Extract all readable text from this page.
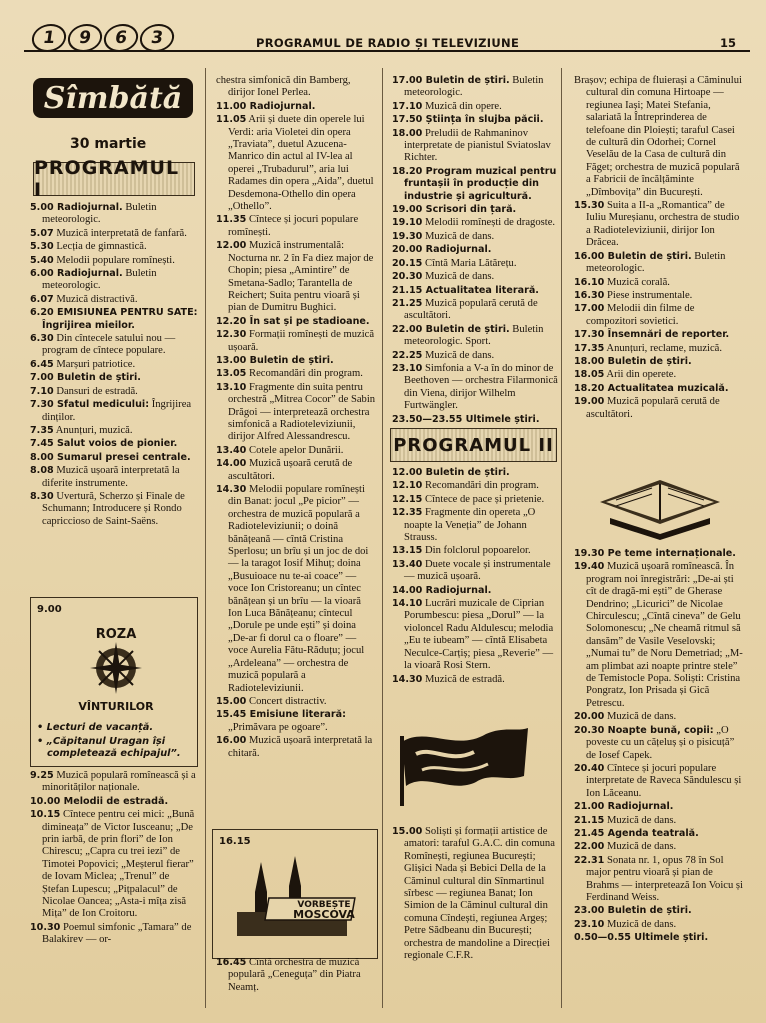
1	9	6	3	PROGRAMUL DE RADIO ȘI TELEVIZIUNE	15
Sîmbătă
30 martie
PROGRAMUL I

5.00 Radiojurnal. Buletin meteorologic.

5.07 Muzică interpretată de fanfară.

5.30 Lecția de gimnastică.

5.40 Melodii populare romînești.

6.00 Radiojurnal. Buletin meteorologic.

6.07 Muzică distractivă.

6.20 EMISIUNEA PENTRU SATE: Îngrijirea mieilor.

6.30 Din cîntecele satului nou — program de cîntece populare.

6.45 Marșuri patriotice.

7.00 Buletin de știri.

7.10 Dansuri de estradă.

7.30 Sfatul medicului: Îngrijirea dinților.

7.35 Anunțuri, muzică.

7.45 Salut voios de pionier.

8.00 Sumarul presei centrale.

8.08 Muzică ușoară interpretată la diferite instrumente.

8.30 Uvertură, Scherzo și Finale de Schumann; Introducere și Rondo capriccioso de Saint-Saëns.

9.00
ROZA
VÎNTURILOR
• Lecturi de vacanță.
• „Căpitanul Uragan își
completează echipajul”.

9.25 Muzică populară romînească și a minorităților naționale.

10.00 Melodii de estradă.

10.15 Cîntece pentru cei mici: „Bună dimineața” de Victor Iusceanu; „De prin iarbă, de prin flori” de Ion Chirescu; „Capra cu trei iezi” de Timotei Popovici; „Meșterul fierar” de Iovam Miclea; „Trenul” de Ștefan Lupescu; „Pițpalacul” de Nicolae Oancea; „Asta-i mîța zisă Mița” de Ion Croitoru.

10.30 Poemul simfonic „Tamara” de Balakirev — or-

chestra simfonică din Bamberg, dirijor Ionel Perlea.

11.00 Radiojurnal.

11.05 Arii și duete din operele lui Verdi: aria Violetei din opera „Traviata”, duetul Azucena-Manrico din actul al IV-lea al operei „Trubadurul”, aria lui Radames din opera „Aida”, duetul Desdemona-Othello din opera „Othello”.

11.35 Cîntece și jocuri populare romînești.

12.00 Muzică instrumentală: Nocturna nr. 2 în Fa diez major de Chopin; piesa „Amintire” de Smetana-Sadlo; Tarantella de Reichert; Suita pentru vioară și pian de Dumitru Bughici.

12.20 În sat și pe stadioane.

12.30 Formații romînești de muzică ușoară.

13.00 Buletin de știri.

13.05 Recomandări din program.

13.10 Fragmente din suita pentru orchestră „Mitrea Cocor” de Sabin Drăgoi — interpretează orchestra simfonică a Radioteleviziunii, dirijor Alfred Alessandrescu.

13.40 Cotele apelor Dunării.

14.00 Muzică ușoară cerută de ascultători.

14.30 Melodii populare romînești din Banat: jocul „Pe picior” — orchestra de muzică populară a Radioteleviziunii; o doină bănățeană — cîntă Cristina Sperlosu; un brîu și un joc de doi — la taragot Iosif Mihuț; doina „Busuioace nu te-ai coace” — voce Ion Cristoreanu; un cîntec bănățean și un brîu — la vioară Ion Luca Bănățeanu; cîntecul „Dorule pe unde ești” și doina „De-ar fi dorul ca o floare” — voce Aurelia Fătu-Răduțu; jocul „Ardeleana” — orchestra de muzică populară a Radioteleviziunii.

15.00 Concert distractiv.

15.45 Emisiune literară: „Primăvara pe ogoare”.

16.00 Muzică ușoară interpretată la chitară.

16.15
VORBEȘTE
MOSCOVA

16.45 Cîntă orchestra de muzică populară „Ceneguța” din Piatra Neamț.

17.00 Buletin de știri. Buletin meteorologic.

17.10 Muzică din opere.

17.50 Știința în slujba păcii.

18.00 Preludii de Rahmaninov interpretate de pianistul Sviatoslav Richter.

18.20 Program muzical pentru fruntașii în producție din industrie și agricultură.

19.00 Scrisori din țară.

19.10 Melodii romînești de dragoste.

19.30 Muzică de dans.

20.00 Radiojurnal.

20.15 Cîntă Maria Lătărețu.

20.30 Muzică de dans.

21.15 Actualitatea literară.

21.25 Muzică populară cerută de ascultători.

22.00 Buletin de știri. Buletin meteorologic. Sport.

22.25 Muzică de dans.

23.10 Simfonia a V-a în do minor de Beethoven — orchestra Filarmonică din Viena, dirijor Wilhelm Furtwängler.

23.50—23.55 Ultimele știri.

PROGRAMUL II

12.00 Buletin de știri.

12.10 Recomandări din program.

12.15 Cîntece de pace și prietenie.

12.35 Fragmente din opereta „O noapte la Veneția” de Johann Strauss.

13.15 Din folclorul popoarelor.

13.40 Duete vocale și instrumentale — muzică ușoară.

14.00 Radiojurnal.

14.10 Lucrări muzicale de Ciprian Porumbescu: piesa „Dorul” — la violoncel Radu Aldulescu; melodia „Eu te iubeam” — cîntă Elisabeta Neculce-Carțiș; piesa „Reverie” — la vioară Rosi Stern.

14.30 Muzică de estradă.

15.00 Soliști și formații artistice de amatori: taraful G.A.C. din comuna Romînești, regiunea București; Glișici Nada și Bebici Della de la Căminul cultural din Sînmartinul sîrbesc — regiunea Banat; Ion Simion de la Căminul cultural din comuna Cîndești, regiunea Argeș; Petre Sădbeanu din București; orchestra de mandoline a Direcției regionale C.F.R.

Brașov; echipa de fluierași a Căminului cultural din comuna Hirtoape — regiunea Iași; Matei Stefania, salariată la Întreprinderea de telefoane din Ploiești; taraful Casei de cultură din Odorhei; Cornel Veselău de la Casa de cultură din Făget; orchestra de muzică populară a Fabricii de încălțăminte „Dîmbovița” din București.

15.30 Suita a II-a „Romantica” de Iuliu Mureșianu, orchestra de studio a Radioteleviziunii, dirijor Ion Drăcea.

16.00 Buletin de știri. Buletin meteorologic.

16.10 Muzică corală.

16.30 Piese instrumentale.

17.00 Melodii din filme de compozitori sovietici.

17.30 Însemnări de reporter.

17.35 Anunțuri, reclame, muzică.

18.00 Buletin de știri.

18.05 Arii din operete.

18.20 Actualitatea muzicală.

19.00 Muzică populară cerută de ascultători.

19.30 Pe teme internaționale.

19.40 Muzică ușoară romînească. În program noi înregistrări: „De-ai ști cît de dragă-mi ești” de Gherase Dendrino; „Licurici” de Nicolae Chirculescu; „Cîntă cineva” de Gelu Solomonescu; „Ne cheamă ritmul să dansăm” de Vasile Veselovski; „Numai tu” de Noru Demetriad; „M-am plimbat azi noapte printre stele” de Temistocle Popa. Soliști: Cristina Pongratz, Ion Prisada și Gică Petrescu.

20.00 Muzică de dans.

20.30 Noapte bună, copii: „O poveste cu un cățeluș și o pisicuță” de Iosef Capek.

20.40 Cîntece și jocuri populare interpretate de Raveca Săndulescu și Ion Lăceanu.

21.00 Radiojurnal.

21.15 Muzică de dans.

21.45 Agenda teatrală.

22.00 Muzică de dans.

22.31 Sonata nr. 1, opus 78 în Sol major pentru vioară și pian de Brahms — interpretează Ion Voicu și Ferdinand Weiss.

23.00 Buletin de știri.

23.10 Muzică de dans.

0.50—0.55 Ultimele știri.
